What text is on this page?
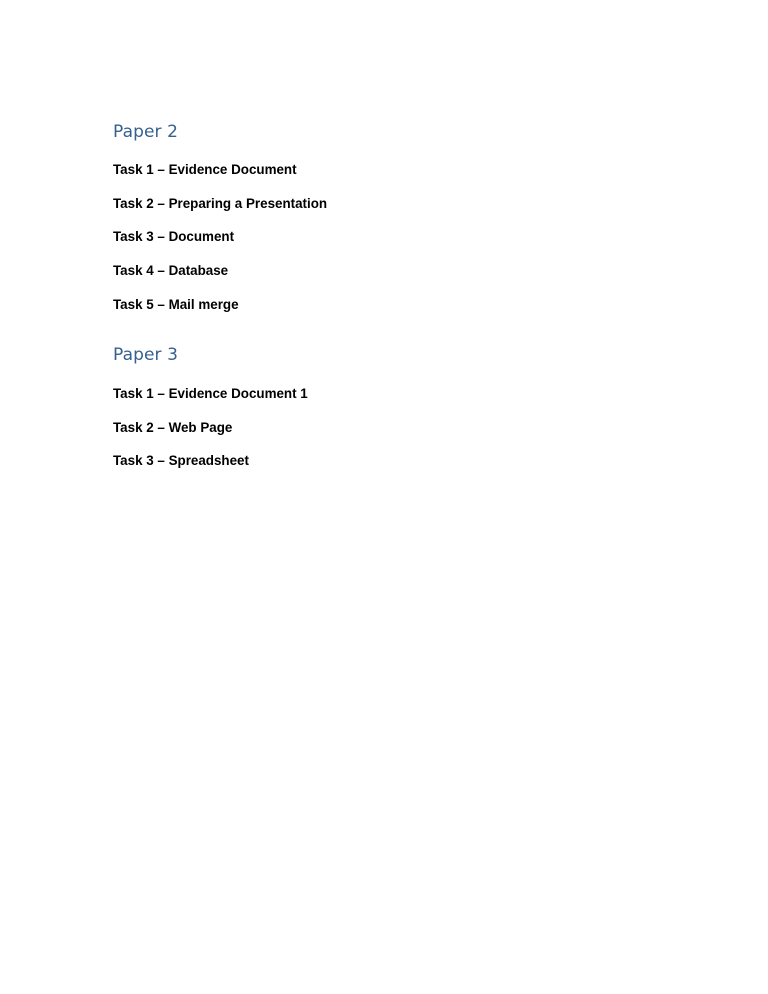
Paper 2
Task 1 – Evidence Document
Task 2 – Preparing a Presentation
Task 3 – Document
Task 4 – Database
Task 5 – Mail merge
Paper 3
Task 1 – Evidence Document 1
Task 2 – Web Page
Task 3 – Spreadsheet
